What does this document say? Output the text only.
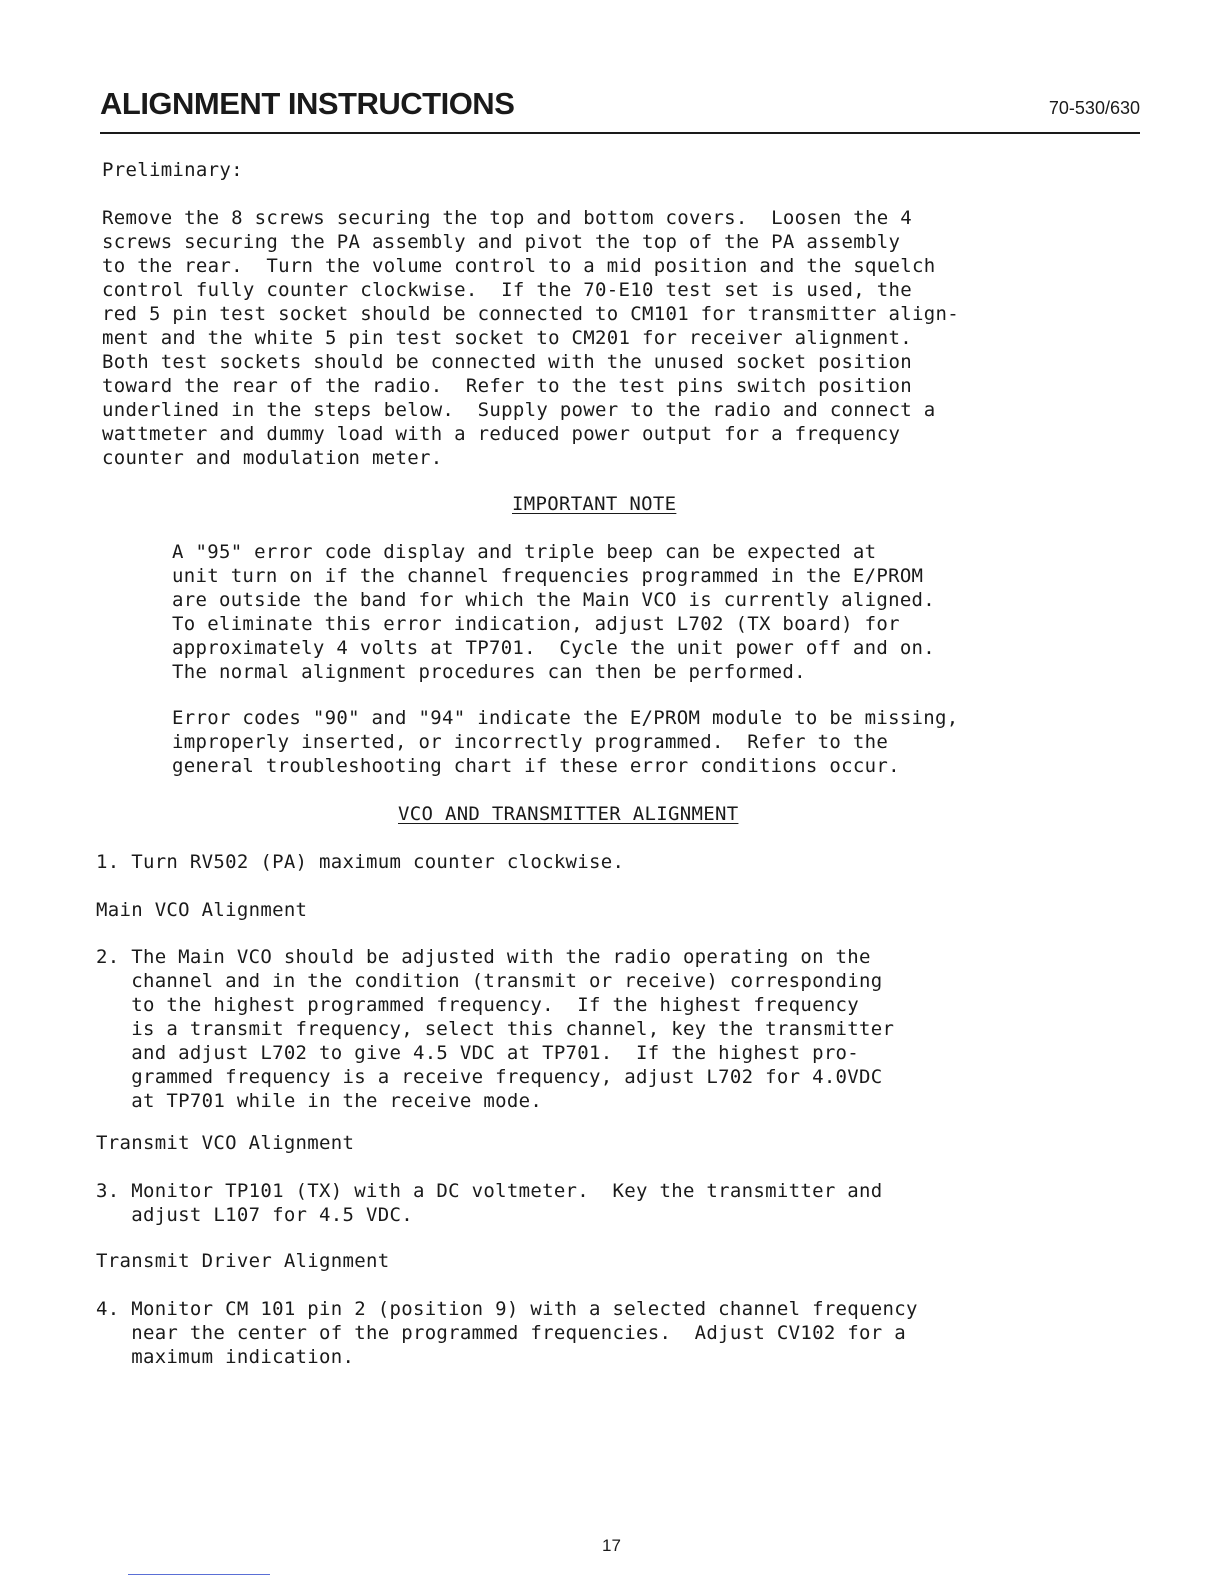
ALIGNMENT INSTRUCTIONS	70-530/630

Preliminary:

Remove the 8 screws securing the top and bottom covers.  Loosen the 4
screws securing the PA assembly and pivot the top of the PA assembly
to the rear.  Turn the volume control to a mid position and the squelch
control fully counter clockwise.  If the 70-E10 test set is used, the
red 5 pin test socket should be connected to CM101 for transmitter align-
ment and the white 5 pin test socket to CM201 for receiver alignment.
Both test sockets should be connected with the unused socket position
toward the rear of the radio.  Refer to the test pins switch position
underlined in the steps below.  Supply power to the radio and connect a
wattmeter and dummy load with a reduced power output for a frequency
counter and modulation meter.

IMPORTANT NOTE

A "95" error code display and triple beep can be expected at
unit turn on if the channel frequencies programmed in the E/PROM
are outside the band for which the Main VCO is currently aligned.
To eliminate this error indication, adjust L702 (TX board) for
approximately 4 volts at TP701.  Cycle the unit power off and on.
The normal alignment procedures can then be performed.

Error codes "90" and "94" indicate the E/PROM module to be missing,
improperly inserted, or incorrectly programmed.  Refer to the
general troubleshooting chart if these error conditions occur.

VCO AND TRANSMITTER ALIGNMENT

1. Turn RV502 (PA) maximum counter clockwise.

Main VCO Alignment

2. The Main VCO should be adjusted with the radio operating on the
channel and in the condition (transmit or receive) corresponding
to the highest programmed frequency.  If the highest frequency
is a transmit frequency, select this channel, key the transmitter
and adjust L702 to give 4.5 VDC at TP701.  If the highest pro-
grammed frequency is a receive frequency, adjust L702 for 4.0VDC
at TP701 while in the receive mode.

Transmit VCO Alignment

3. Monitor TP101 (TX) with a DC voltmeter.  Key the transmitter and
adjust L107 for 4.5 VDC.

Transmit Driver Alignment

4. Monitor CM 101 pin 2 (position 9) with a selected channel frequency
near the center of the programmed frequencies.  Adjust CV102 for a
maximum indication.

17
